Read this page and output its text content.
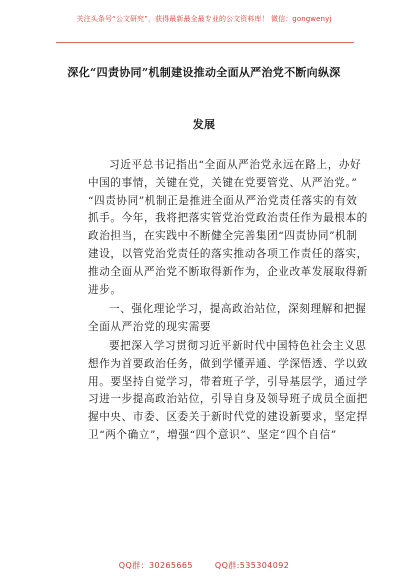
关注头条号“公文研究”，获得最新最全最专业的公文资料库！ 微信：gongwenyj
深化“四责协同”机制建设推动全面从严治党不断向纵深
发展
习近平总书记指出“全面从严治党永远在路上，办好
中国的事情，关键在党，关键在党要管党、从严治党。”
“四责协同”机制正是推进全面从严治党责任落实的有效
抓手。今年，我将把落实管党治党政治责任作为最根本的
政治担当，在实践中不断健全完善集团“四责协同”机制
建设，以管党治党责任的落实推动各项工作责任的落实，
推动全面从严治党不断取得新作为，企业改革发展取得新
进步。
一、强化理论学习，提高政治站位，深刻理解和把握
全面从严治党的现实需要
要把深入学习贯彻习近平新时代中国特色社会主义思
想作为首要政治任务，做到学懂弄通、学深悟透、学以致
用。要坚持自觉学习，带着班子学，引导基层学，通过学
习进一步提高政治站位，引导自身及领导班子成员全面把
握中央、市委、区委关于新时代党的建设新要求，坚定捍
卫“两个确立”，增强“四个意识”、坚定“四个自信”
QQ群：30265665	QQ群:535304092
